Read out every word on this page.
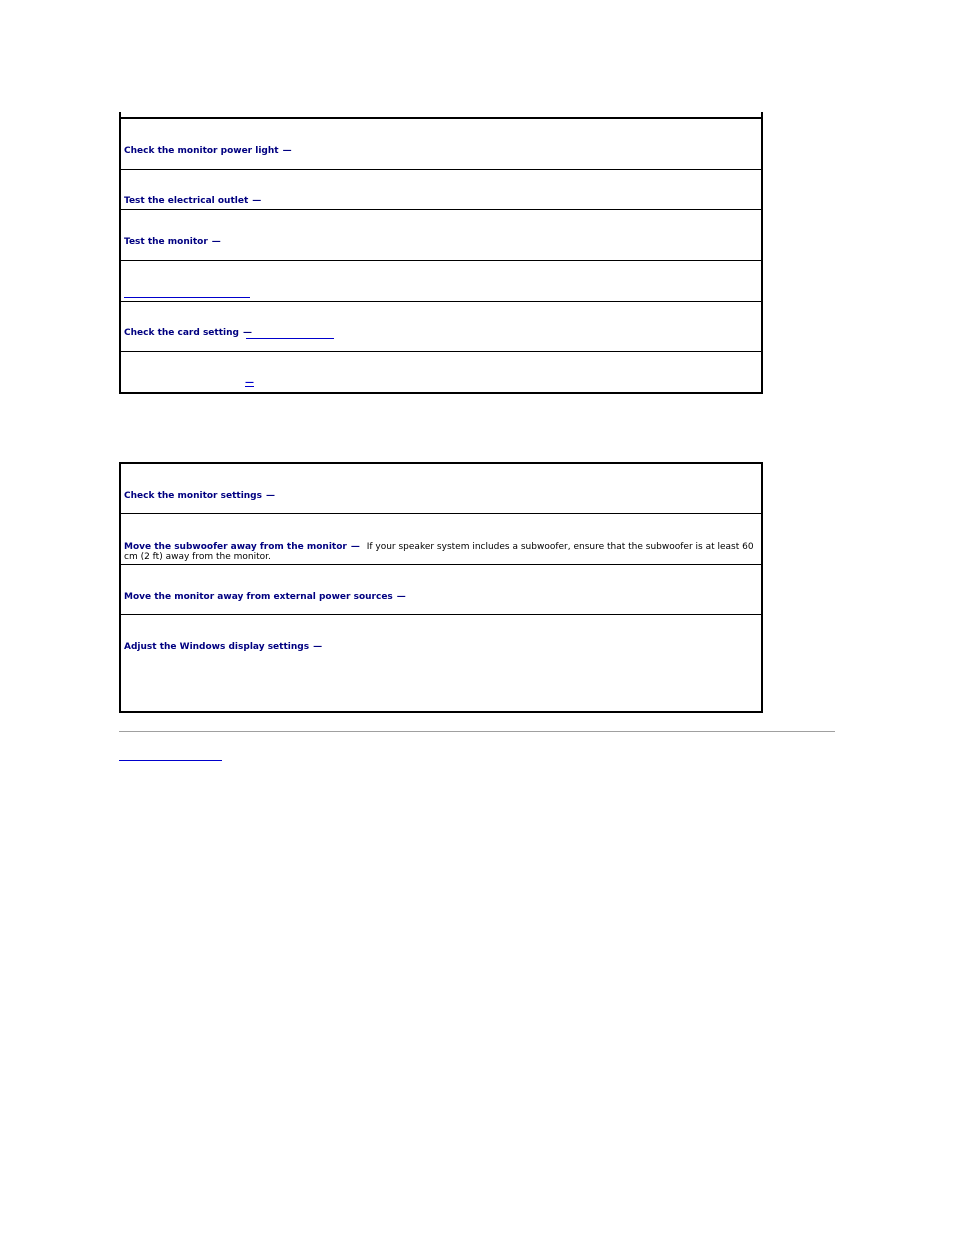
Check the monitor power light —
Test the electrical outlet —
Test the monitor —
Check the card setting —
—
Check the monitor settings —
Move the subwoofer away from the monitor — If your speaker system includes a subwoofer, ensure that the subwoofer is at least 60 cm (2 ft) away from the monitor.
Move the monitor away from external power sources —
Adjust the Windows display settings —
